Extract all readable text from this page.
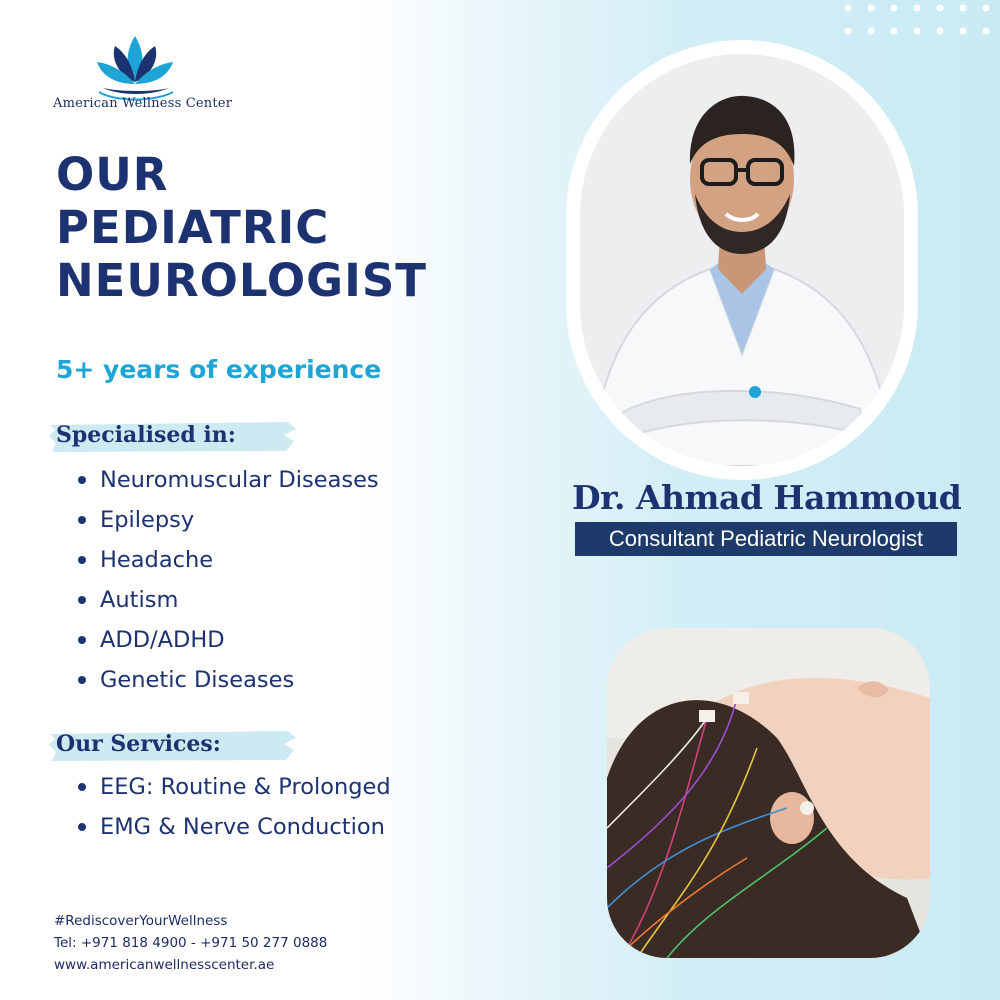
American Wellness Center
OUR
PEDIATRIC
NEUROLOGIST
5+ years of experience
Specialised in:
Neuromuscular Diseases
Epilepsy
Headache
Autism
ADD/ADHD
Genetic Diseases
Our Services:
EEG: Routine & Prolonged
EMG & Nerve Conduction
#RediscoverYourWellness
Tel: +971 818 4900 - +971 50 277 0888
www.americanwellnesscenter.ae
Dr. Ahmad Hammoud
Consultant Pediatric Neurologist
